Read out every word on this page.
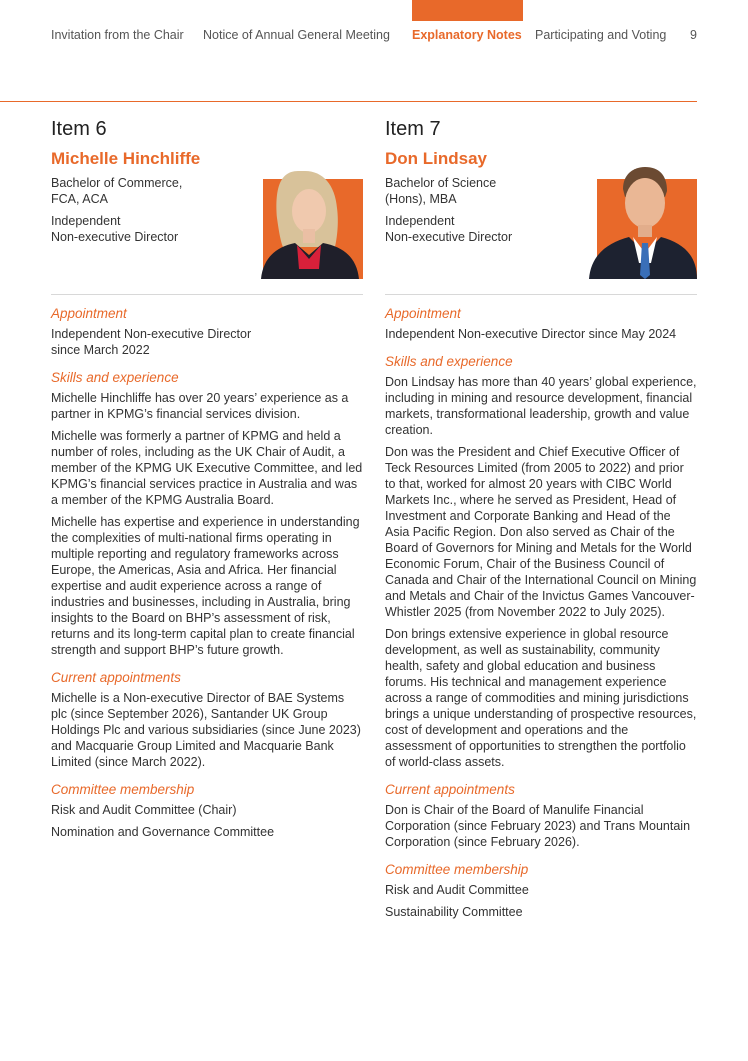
Invitation from the Chair Notice of Annual General Meeting Explanatory Notes Participating and Voting 9
Item 6
Michelle Hinchliffe
Bachelor of Commerce,
FCA, ACA
Independent
Non-executive Director
Appointment

Independent Non-executive Director
since March 2022

Skills and experience

Michelle Hinchliffe has over 20 years’ experience as a partner in KPMG’s financial services division.

Michelle was formerly a partner of KPMG and held a number of roles, including as the UK Chair of Audit, a member of the KPMG UK Executive Committee, and led KPMG’s financial services practice in Australia and was a member of the KPMG Australia Board.

Michelle has expertise and experience in understanding the complexities of multi-national firms operating in multiple reporting and regulatory frameworks across Europe, the Americas, Asia and Africa. Her financial expertise and audit experience across a range of industries and businesses, including in Australia, bring insights to the Board on BHP’s assessment of risk, returns and its long-term capital plan to create financial strength and support BHP’s future growth.

Current appointments

Michelle is a Non-executive Director of BAE Systems plc (since September 2026), Santander UK Group Holdings Plc and various subsidiaries (since June 2023) and Macquarie Group Limited and Macquarie Bank Limited (since March 2022).

Committee membership

Risk and Audit Committee (Chair)

Nomination and Governance Committee

Item 7
Don Lindsay
Bachelor of Science
(Hons), MBA
Independent
Non-executive Director
Appointment

Independent Non-executive Director since May 2024

Skills and experience

Don Lindsay has more than 40 years’ global experience, including in mining and resource development, financial markets, transformational leadership, growth and value creation.

Don was the President and Chief Executive Officer of Teck Resources Limited (from 2005 to 2022) and prior to that, worked for almost 20 years with CIBC World Markets Inc., where he served as President, Head of Investment and Corporate Banking and Head of the Asia Pacific Region. Don also served as Chair of the Board of Governors for Mining and Metals for the World Economic Forum, Chair of the Business Council of Canada and Chair of the International Council on Mining and Metals and Chair of the Invictus Games Vancouver-Whistler 2025 (from November 2022 to July 2025).

Don brings extensive experience in global resource development, as well as sustainability, community health, safety and global education and business forums. His technical and management experience across a range of commodities and mining jurisdictions brings a unique understanding of prospective resources, cost of development and operations and the assessment of opportunities to strengthen the portfolio of world-class assets.

Current appointments

Don is Chair of the Board of Manulife Financial Corporation (since February 2023) and Trans Mountain Corporation (since February 2026).

Committee membership

Risk and Audit Committee

Sustainability Committee
